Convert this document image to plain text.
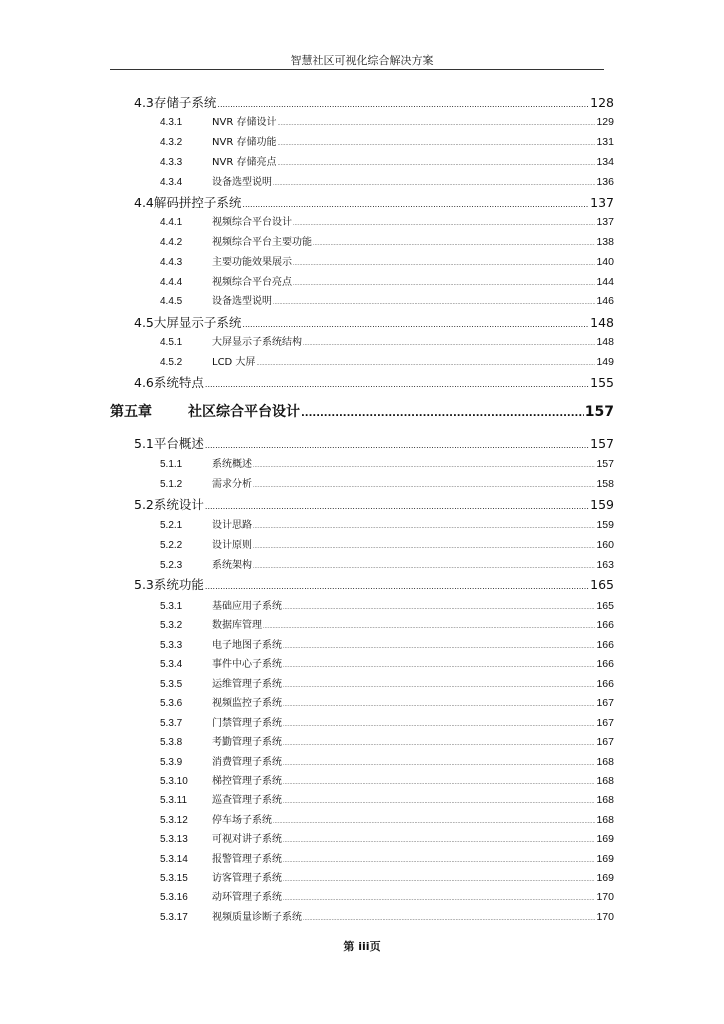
智慧社区可视化综合解决方案
4.3 存储子系统 .....	128
4.3.1	NVR 存储设计 .....	129
4.3.2	NVR 存储功能 .....	131
4.3.3	NVR 存储亮点 .....	134
4.3.4	设备选型说明 .....	136
4.4 解码拼控子系统 .....	137
4.4.1	视频综合平台设计 .....	137
4.4.2	视频综合平台主要功能 .....	138
4.4.3	主要功能效果展示 .....	140
4.4.4	视频综合平台亮点 .....	144
4.4.5	设备选型说明 .....	146
4.5 大屏显示子系统 .....	148
4.5.1	大屏显示子系统结构 .....	148
4.5.2	LCD 大屏 .....	149
4.6 系统特点 .....	155
第五章	社区综合平台设计 .....	157
5.1 平台概述 .....	157
5.1.1	系统概述 .....	157
5.1.2	需求分析 .....	158
5.2 系统设计 .....	159
5.2.1	设计思路 .....	159
5.2.2	设计原则 .....	160
5.2.3	系统架构 .....	163
5.3 系统功能 .....	165
5.3.1	基础应用子系统 .....	165
5.3.2	数据库管理 .....	166
5.3.3	电子地图子系统 .....	166
5.3.4	事件中心子系统 .....	166
5.3.5	运维管理子系统 .....	166
5.3.6	视频监控子系统 .....	167
5.3.7	门禁管理子系统 .....	167
5.3.8	考勤管理子系统 .....	167
5.3.9	消费管理子系统 .....	168
5.3.10	梯控管理子系统 .....	168
5.3.11	巡查管理子系统 .....	168
5.3.12	停车场子系统 .....	168
5.3.13	可视对讲子系统 .....	169
5.3.14	报警管理子系统 .....	169
5.3.15	访客管理子系统 .....	169
5.3.16	动环管理子系统 .....	170
5.3.17	视频质量诊断子系统 .....	170
第 iii页
